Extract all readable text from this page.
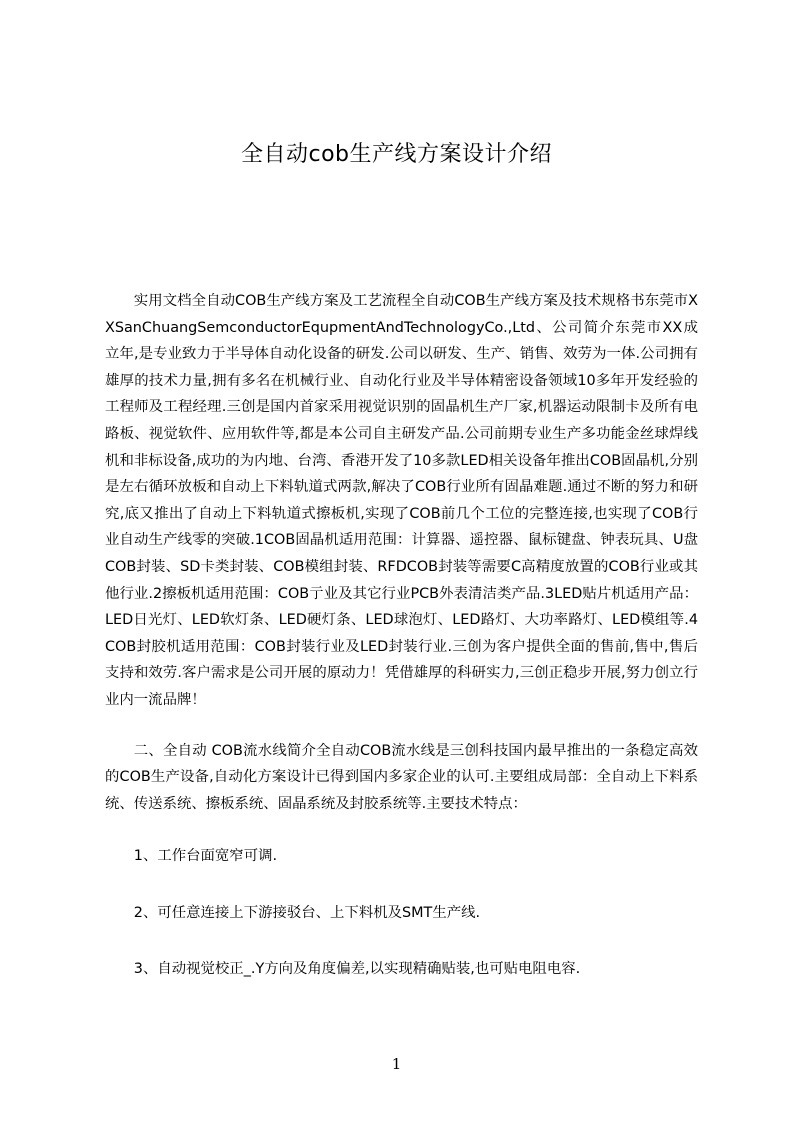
全自动cob生产线方案设计介绍

实用文档全自动COB生产线方案及工艺流程全自动COB生产线方案及技术规格书东莞市XXSanChuangSemconductorEqupmentAndTechnologyCo.,Ltd、公司简介东莞市XX成立年,是专业致力于半导体自动化设备的研发.公司以研发、生产、销售、效劳为一体.公司拥有雄厚的技术力量,拥有多名在机械行业、自动化行业及半导体精密设备领域10多年开发经验的工程师及工程经理.三创是国内首家采用视觉识别的固晶机生产厂家,机器运动限制卡及所有电路板、视觉软件、应用软件等,都是本公司自主研发产品.公司前期专业生产多功能金丝球焊线机和非标设备,成功的为内地、台湾、香港开发了10多款LED相关设备年推出COB固晶机,分别是左右循环放板和自动上下料轨道式两款,解决了COB行业所有固晶难题.通过不断的努力和研究,底又推出了自动上下料轨道式擦板机,实现了COB前几个工位的完整连接,也实现了COB行业自动生产线零的突破.1COB固晶机适用范围：计算器、遥控器、鼠标键盘、钟表玩具、U盘COB封装、SD卡类封装、COB模组封装、RFDCOB封装等需要C高精度放置的COB行业或其他行业.2擦板机适用范围：COB亍业及其它行业PCB外表清洁类产品.3LED贴片机适用产品：LED日光灯、LED软灯条、LED硬灯条、LED球泡灯、LED路灯、大功率路灯、LED模组等.4COB封胶机适用范围：COB封装行业及LED封装行业.三创为客户提供全面的售前,售中,售后支持和效劳.客户需求是公司开展的原动力！凭借雄厚的科研实力,三创正稳步开展,努力创立行业内一流品牌！

二、全自动 COB流水线简介全自动COB流水线是三创科技国内最早推出的一条稳定高效的COB生产设备,自动化方案设计已得到国内多家企业的认可.主要组成局部：全自动上下料系统、传送系统、擦板系统、固晶系统及封胶系统等.主要技术特点：

1、工作台面宽窄可调.

2、可任意连接上下游接驳台、上下料机及SMT生产线.

3、自动视觉校正_.Y方向及角度偏差,以实现精确贴装,也可贴电阻电容.

1
